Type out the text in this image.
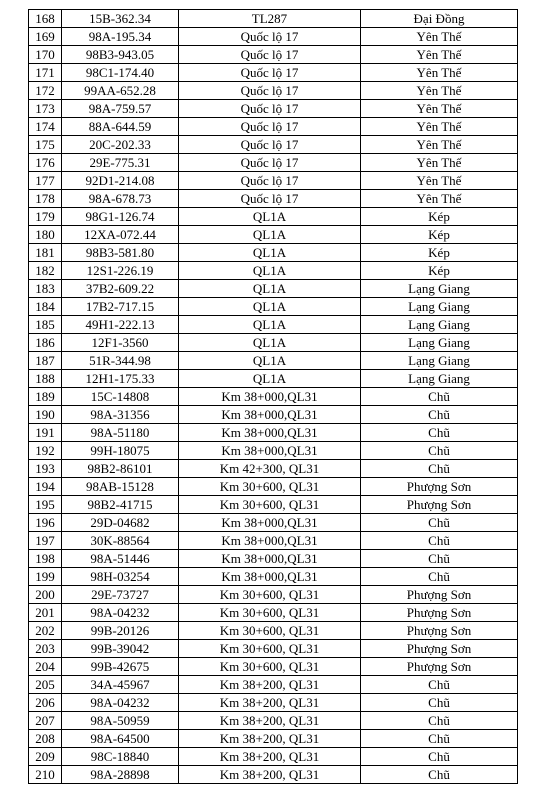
168	15B-362.34	TL287	Đại Đồng
169	98A-195.34	Quốc lộ 17	Yên Thế
170	98B3-943.05	Quốc lộ 17	Yên Thế
171	98C1-174.40	Quốc lộ 17	Yên Thế
172	99AA-652.28	Quốc lộ 17	Yên Thế
173	98A-759.57	Quốc lộ 17	Yên Thế
174	88A-644.59	Quốc lộ 17	Yên Thế
175	20C-202.33	Quốc lộ 17	Yên Thế
176	29E-775.31	Quốc lộ 17	Yên Thế
177	92D1-214.08	Quốc lộ 17	Yên Thế
178	98A-678.73	Quốc lộ 17	Yên Thế
179	98G1-126.74	QL1A	Kép
180	12XA-072.44	QL1A	Kép
181	98B3-581.80	QL1A	Kép
182	12S1-226.19	QL1A	Kép
183	37B2-609.22	QL1A	Lạng Giang
184	17B2-717.15	QL1A	Lạng Giang
185	49H1-222.13	QL1A	Lạng Giang
186	12F1-3560	QL1A	Lạng Giang
187	51R-344.98	QL1A	Lạng Giang
188	12H1-175.33	QL1A	Lạng Giang
189	15C-14808	Km 38+000,QL31	Chũ
190	98A-31356	Km 38+000,QL31	Chũ
191	98A-51180	Km 38+000,QL31	Chũ
192	99H-18075	Km 38+000,QL31	Chũ
193	98B2-86101	Km 42+300, QL31	Chũ
194	98AB-15128	Km 30+600, QL31	Phượng Sơn
195	98B2-41715	Km 30+600, QL31	Phượng Sơn
196	29D-04682	Km 38+000,QL31	Chũ
197	30K-88564	Km 38+000,QL31	Chũ
198	98A-51446	Km 38+000,QL31	Chũ
199	98H-03254	Km 38+000,QL31	Chũ
200	29E-73727	Km 30+600, QL31	Phượng Sơn
201	98A-04232	Km 30+600, QL31	Phượng Sơn
202	99B-20126	Km 30+600, QL31	Phượng Sơn
203	99B-39042	Km 30+600, QL31	Phượng Sơn
204	99B-42675	Km 30+600, QL31	Phượng Sơn
205	34A-45967	Km 38+200, QL31	Chũ
206	98A-04232	Km 38+200, QL31	Chũ
207	98A-50959	Km 38+200, QL31	Chũ
208	98A-64500	Km 38+200, QL31	Chũ
209	98C-18840	Km 38+200, QL31	Chũ
210	98A-28898	Km 38+200, QL31	Chũ
